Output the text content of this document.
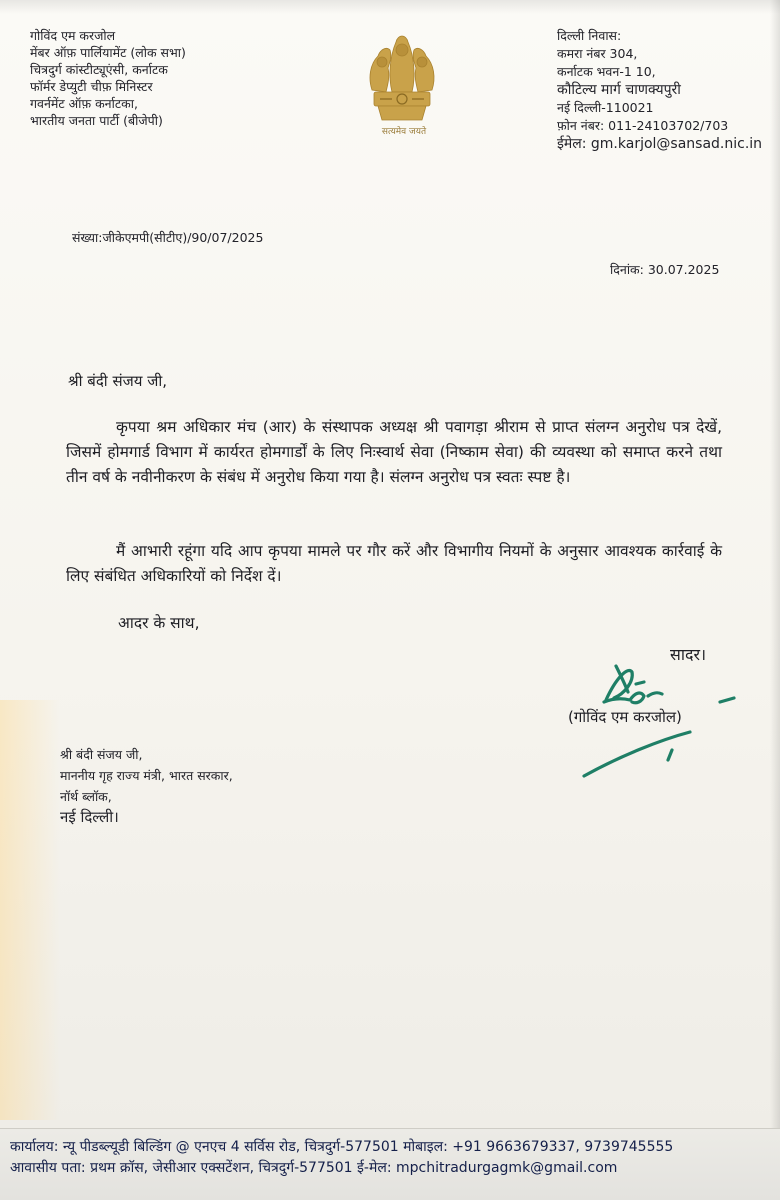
गोविंद एम करजोल
मेंबर ऑफ़ पार्लियामेंट (लोक सभा)
चित्रदुर्ग कांस्टीट्यूएंसी, कर्नाटक
फॉर्मर डेप्युटी चीफ़ मिनिस्टर
गवर्नमेंट ऑफ़ कर्नाटका,
भारतीय जनता पार्टी (बीजेपी)
सत्यमेव जयते
दिल्ली निवास:
कमरा नंबर 304,
कर्नाटक भवन-1 10,
कौटिल्य मार्ग चाणक्यपुरी
नई दिल्ली-110021
फ़ोन नंबर: 011-24103702/703
ईमेल: gm.karjol@sansad.nic.in
संख्या:जीकेएमपी(सीटीए)/90/07/2025
दिनांक: 30.07.2025
श्री बंदी संजय जी,
कृपया श्रम अधिकार मंच (आर) के संस्थापक अध्यक्ष श्री पवागड़ा श्रीराम से प्राप्त संलग्न अनुरोध पत्र देखें, जिसमें होमगार्ड विभाग में कार्यरत होमगार्डों के लिए निःस्वार्थ सेवा (निष्काम सेवा) की व्यवस्था को समाप्त करने तथा तीन वर्ष के नवीनीकरण के संबंध में अनुरोध किया गया है। संलग्न अनुरोध पत्र स्वतः स्पष्ट है।
मैं आभारी रहूंगा यदि आप कृपया मामले पर गौर करें और विभागीय नियमों के अनुसार आवश्यक कार्रवाई के लिए संबंधित अधिकारियों को निर्देश दें।
आदर के साथ,
सादर।
(गोविंद एम करजोल)
श्री बंदी संजय जी,
माननीय गृह राज्य मंत्री, भारत सरकार,
नॉर्थ ब्लॉक,
नई दिल्ली।
कार्यालय: न्यू पीडब्ल्यूडी बिल्डिंग @ एनएच 4 सर्विस रोड, चित्रदुर्ग-577501 मोबाइल: +91 9663679337, 9739745555
आवासीय पता: प्रथम क्रॉस, जेसीआर एक्सटेंशन, चित्रदुर्ग-577501 ई-मेल: mpchitradurgagmk@gmail.com
